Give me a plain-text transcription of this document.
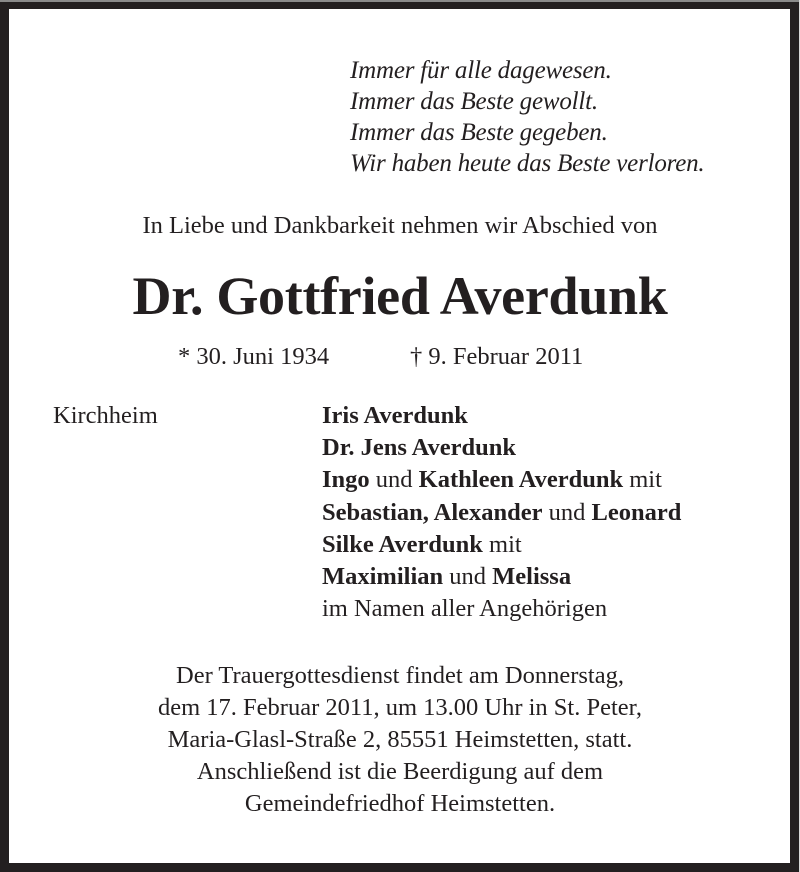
Immer für alle dagewesen.
Immer das Beste gewollt.
Immer das Beste gegeben.
Wir haben heute das Beste verloren.
In Liebe und Dankbarkeit nehmen wir Abschied von
Dr. Gottfried Averdunk
* 30. Juni 1934	† 9. Februar 2011
Kirchheim	Iris Averdunk
Dr. Jens Averdunk
Ingo und Kathleen Averdunk mit
Sebastian, Alexander und Leonard
Silke Averdunk mit
Maximilian und Melissa
im Namen aller Angehörigen
Der Trauergottesdienst findet am Donnerstag,
dem 17. Februar 2011, um 13.00 Uhr in St. Peter,
Maria-Glasl-Straße 2, 85551 Heimstetten, statt.
Anschließend ist die Beerdigung auf dem
Gemeindefriedhof Heimstetten.
